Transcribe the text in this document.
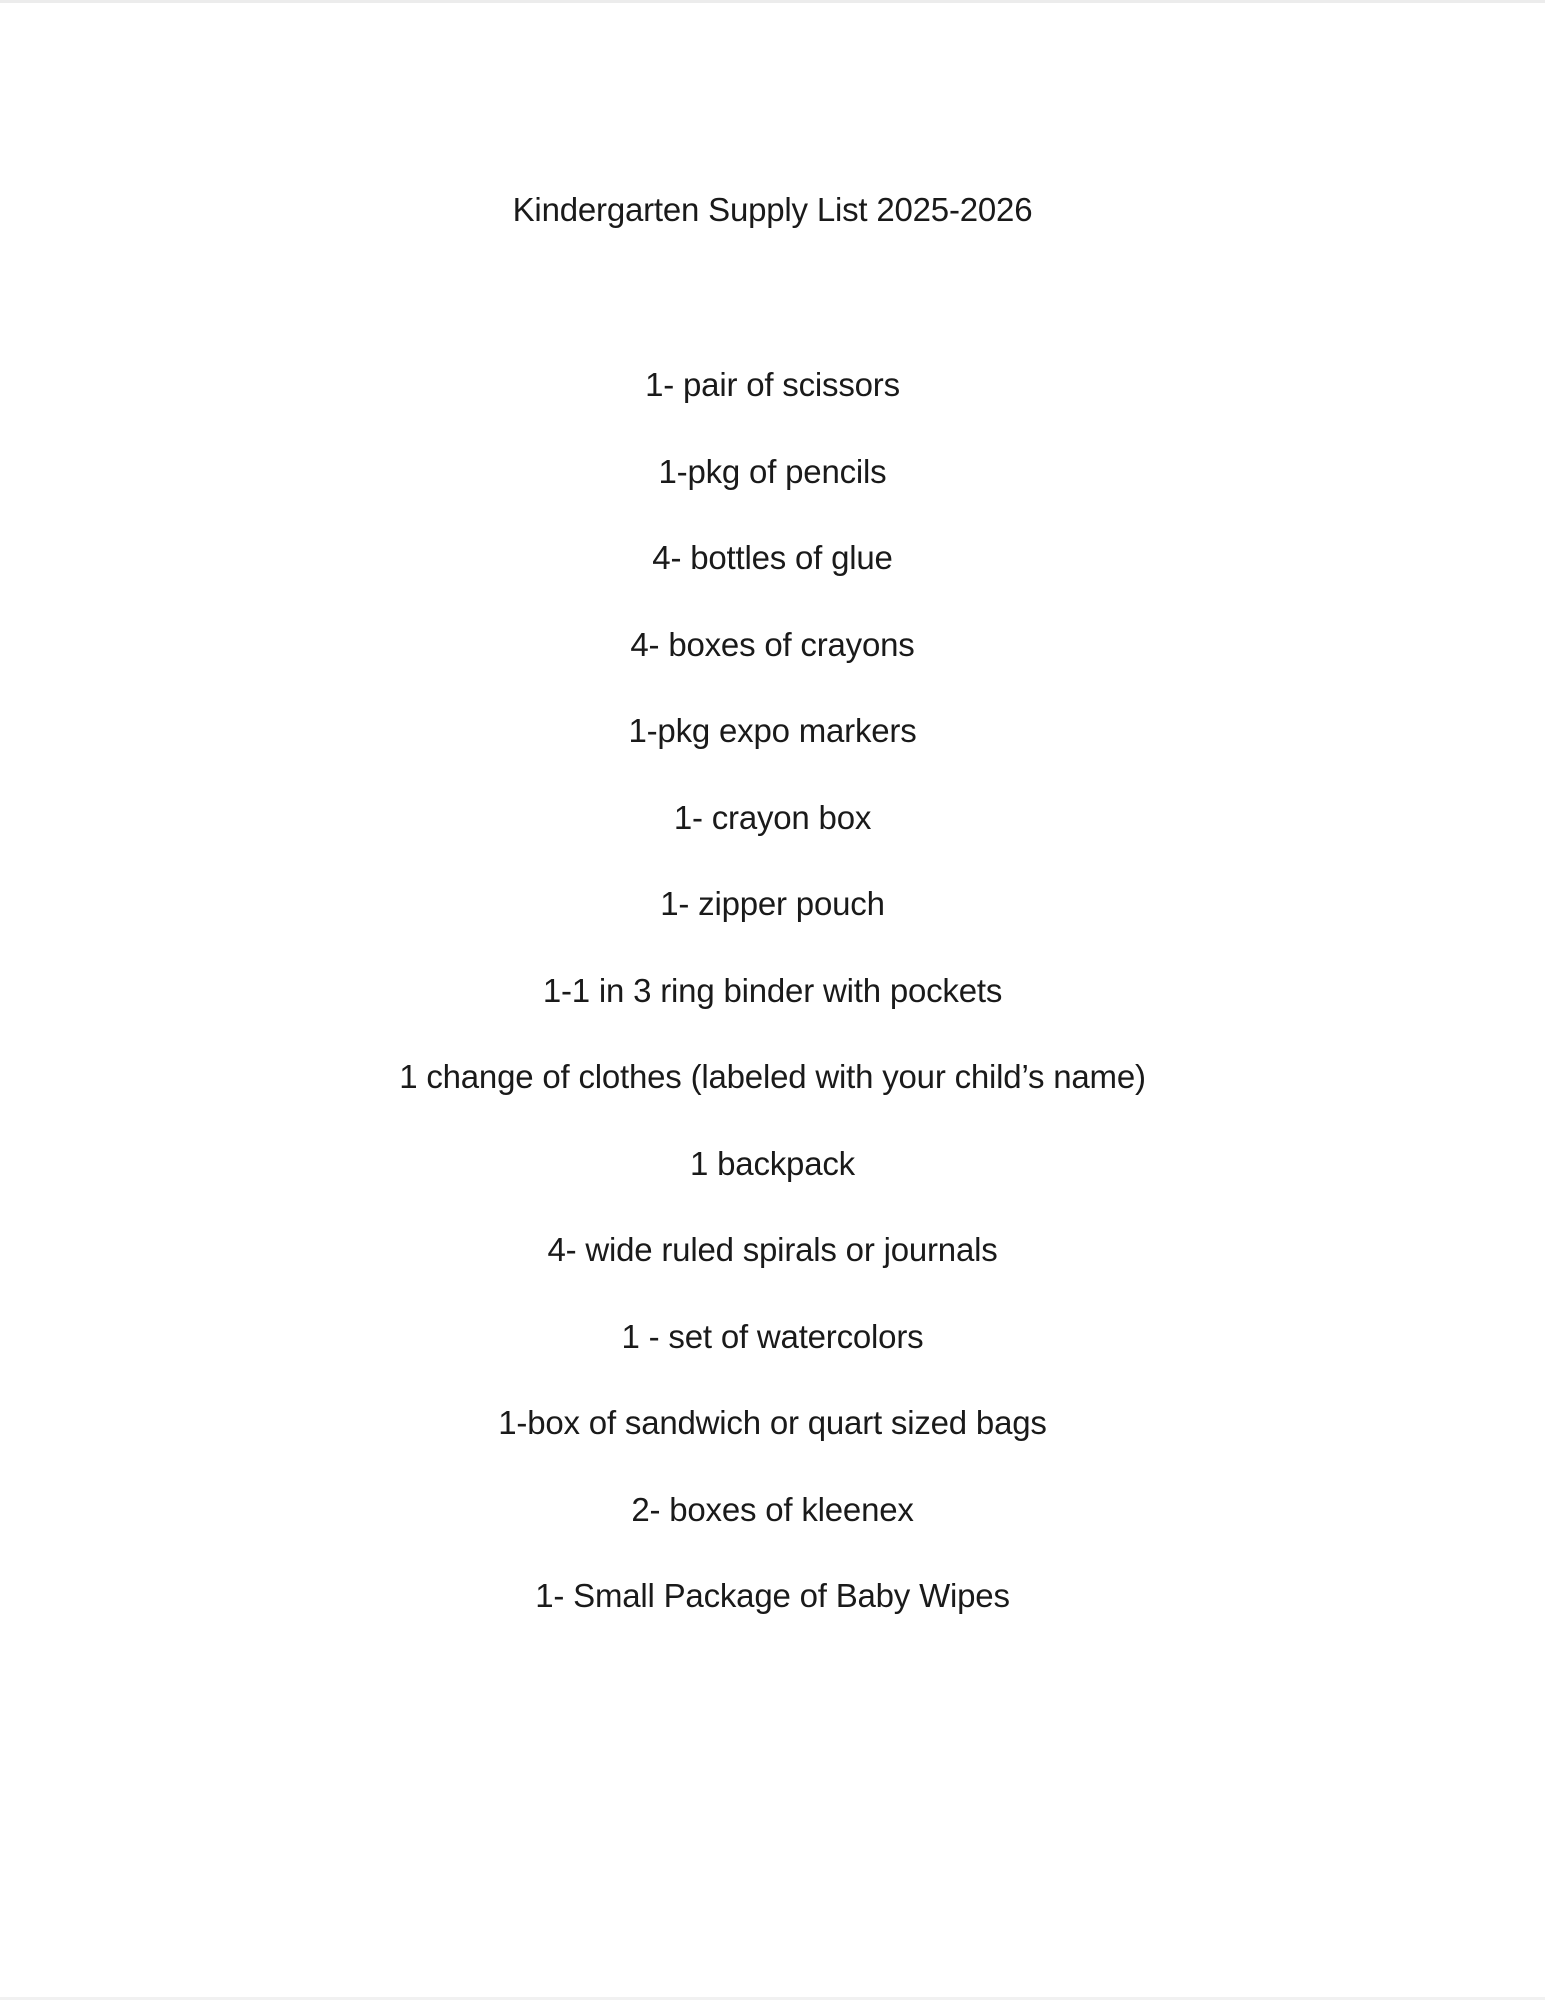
Kindergarten Supply List 2025-2026
1- pair of scissors
1-pkg of pencils
4- bottles of glue
4- boxes of crayons
1-pkg expo markers
1- crayon box
1- zipper pouch
1-1 in 3 ring binder with pockets
1 change of clothes (labeled with your child’s name)
1 backpack
4- wide ruled spirals or journals
1 - set of watercolors
1-box of sandwich or quart sized bags
2- boxes of kleenex
1- Small Package of Baby Wipes
